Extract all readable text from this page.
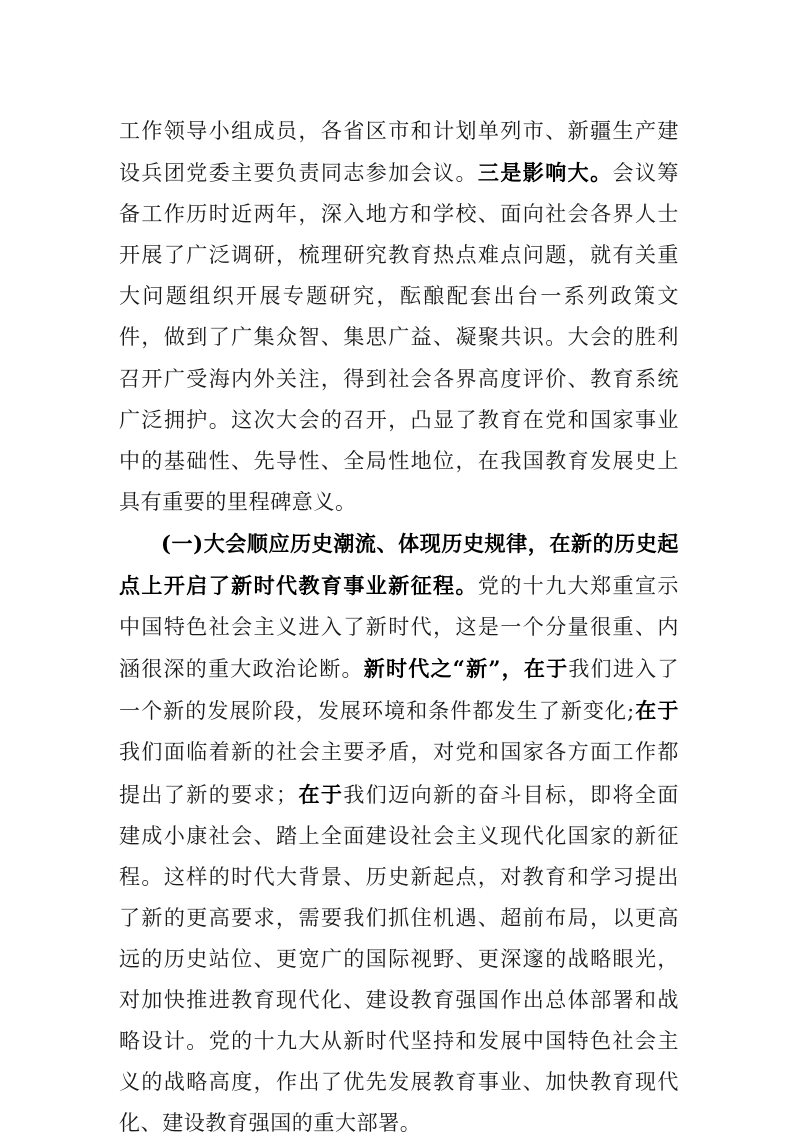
工作领导小组成员，各省区市和计划单列市、新疆生产建设兵团党委主要负责同志参加会议。三是影响大。会议筹备工作历时近两年，深入地方和学校、面向社会各界人士开展了广泛调研，梳理研究教育热点难点问题，就有关重大问题组织开展专题研究，酝酿配套出台一系列政策文件，做到了广集众智、集思广益、凝聚共识。大会的胜利召开广受海内外关注，得到社会各界高度评价、教育系统广泛拥护。这次大会的召开，凸显了教育在党和国家事业中的基础性、先导性、全局性地位，在我国教育发展史上具有重要的里程碑意义。

(一)大会顺应历史潮流、体现历史规律，在新的历史起点上开启了新时代教育事业新征程。党的十九大郑重宣示中国特色社会主义进入了新时代，这是一个分量很重、内涵很深的重大政治论断。新时代之“新”，在于我们进入了一个新的发展阶段，发展环境和条件都发生了新变化;在于我们面临着新的社会主要矛盾，对党和国家各方面工作都提出了新的要求；在于我们迈向新的奋斗目标，即将全面建成小康社会、踏上全面建设社会主义现代化国家的新征程。这样的时代大背景、历史新起点，对教育和学习提出了新的更高要求，需要我们抓住机遇、超前布局，以更高远的历史站位、更宽广的国际视野、更深邃的战略眼光，对加快推进教育现代化、建设教育强国作出总体部署和战略设计。党的十九大从新时代坚持和发展中国特色社会主义的战略高度，作出了优先发展教育事业、加快教育现代化、建设教育强国的重大部署。
